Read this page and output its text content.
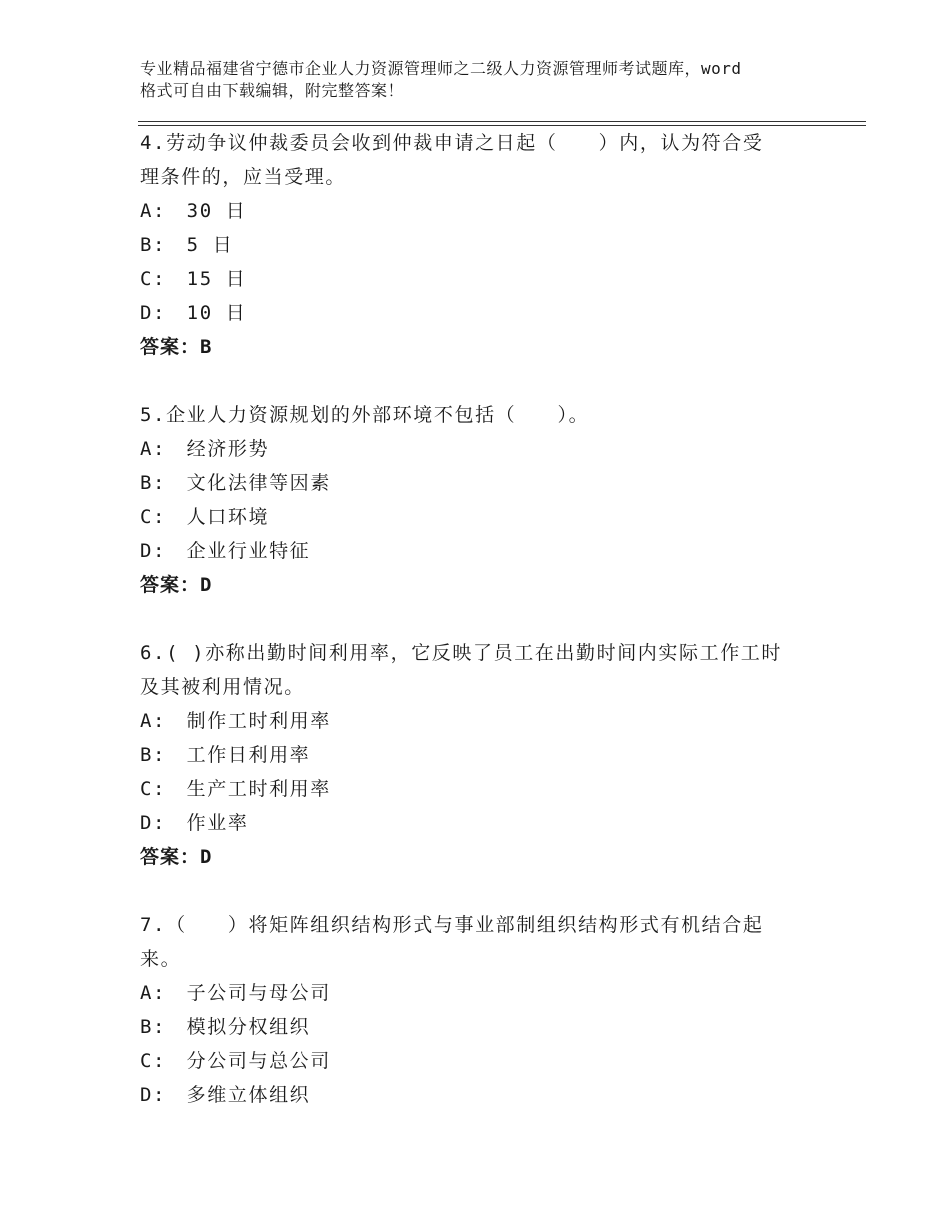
专业精品福建省宁德市企业人力资源管理师之二级人力资源管理师考试题库，word
格式可自由下载编辑，附完整答案！
4.劳动争议仲裁委员会收到仲裁申请之日起（　　）内，认为符合受
理条件的，应当受理。
A:　30 日
B:　5 日
C:　15 日
D:　10 日
答案：B
5.企业人力资源规划的外部环境不包括（　　）。
A:　经济形势
B:　文化法律等因素
C:　人口环境
D:　企业行业特征
答案：D
6.( )亦称出勤时间利用率，它反映了员工在出勤时间内实际工作工时
及其被利用情况。
A:　制作工时利用率
B:　工作日利用率
C:　生产工时利用率
D:　作业率
答案：D
7.（　　）将矩阵组织结构形式与事业部制组织结构形式有机结合起
来。
A:　子公司与母公司
B:　模拟分权组织
C:　分公司与总公司
D:　多维立体组织
